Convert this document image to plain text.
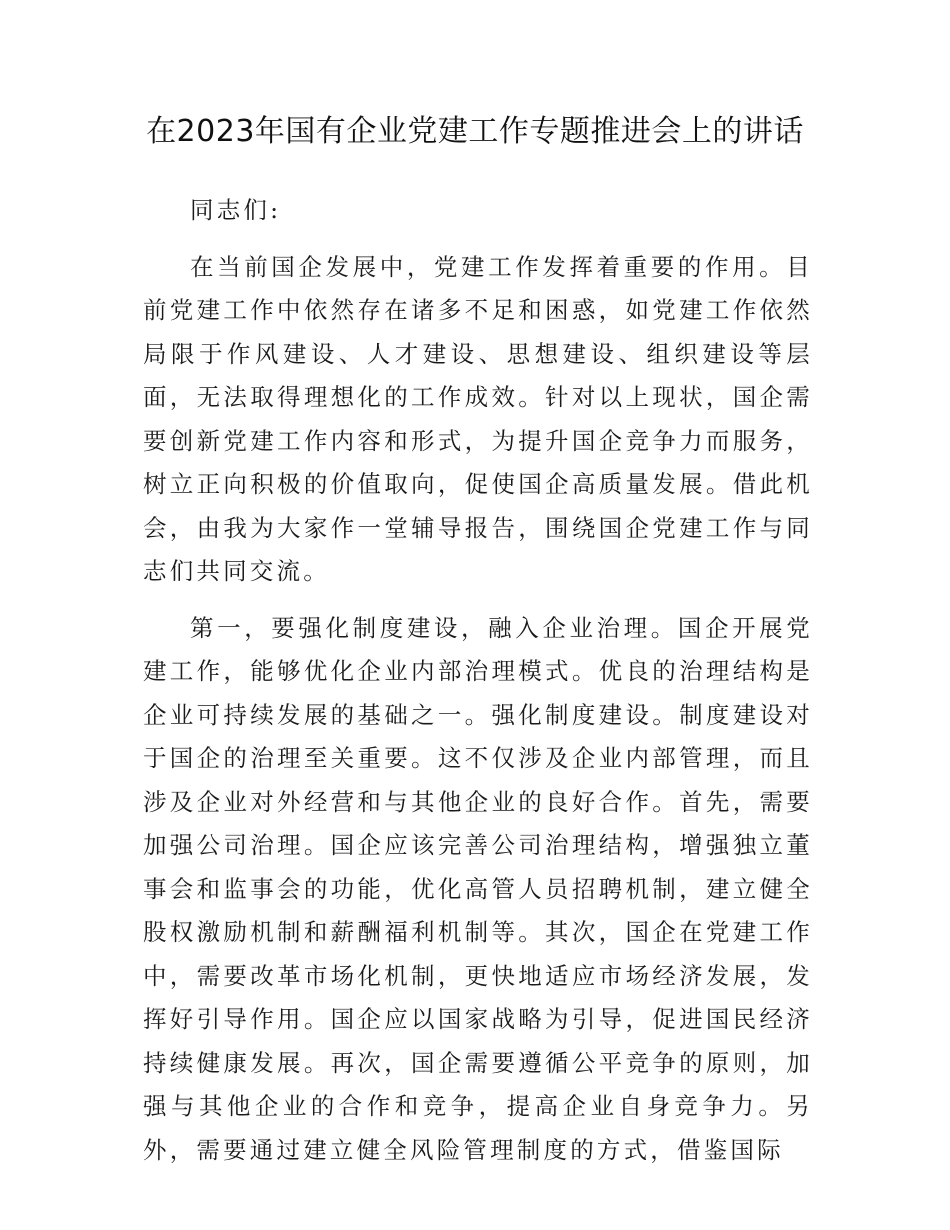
在2023年国有企业党建工作专题推进会上的讲话

同志们:

在当前国企发展中，党建工作发挥着重要的作用。目前党建工作中依然存在诸多不足和困惑，如党建工作依然局限于作风建设、人才建设、思想建设、组织建设等层面，无法取得理想化的工作成效。针对以上现状，国企需要创新党建工作内容和形式，为提升国企竞争力而服务，树立正向积极的价值取向，促使国企高质量发展。借此机会，由我为大家作一堂辅导报告，围绕国企党建工作与同志们共同交流。

第一，要强化制度建设，融入企业治理。国企开展党建工作，能够优化企业内部治理模式。优良的治理结构是企业可持续发展的基础之一。强化制度建设。制度建设对于国企的治理至关重要。这不仅涉及企业内部管理，而且涉及企业对外经营和与其他企业的良好合作。首先，需要加强公司治理。国企应该完善公司治理结构，增强独立董事会和监事会的功能，优化高管人员招聘机制，建立健全股权激励机制和薪酬福利机制等。其次，国企在党建工作中，需要改革市场化机制，更快地适应市场经济发展，发挥好引导作用。国企应以国家战略为引导，促进国民经济持续健康发展。再次，国企需要遵循公平竞争的原则，加强与其他企业的合作和竞争，提高企业自身竞争力。另外，需要通过建立健全风险管理制度的方式，借鉴国际
